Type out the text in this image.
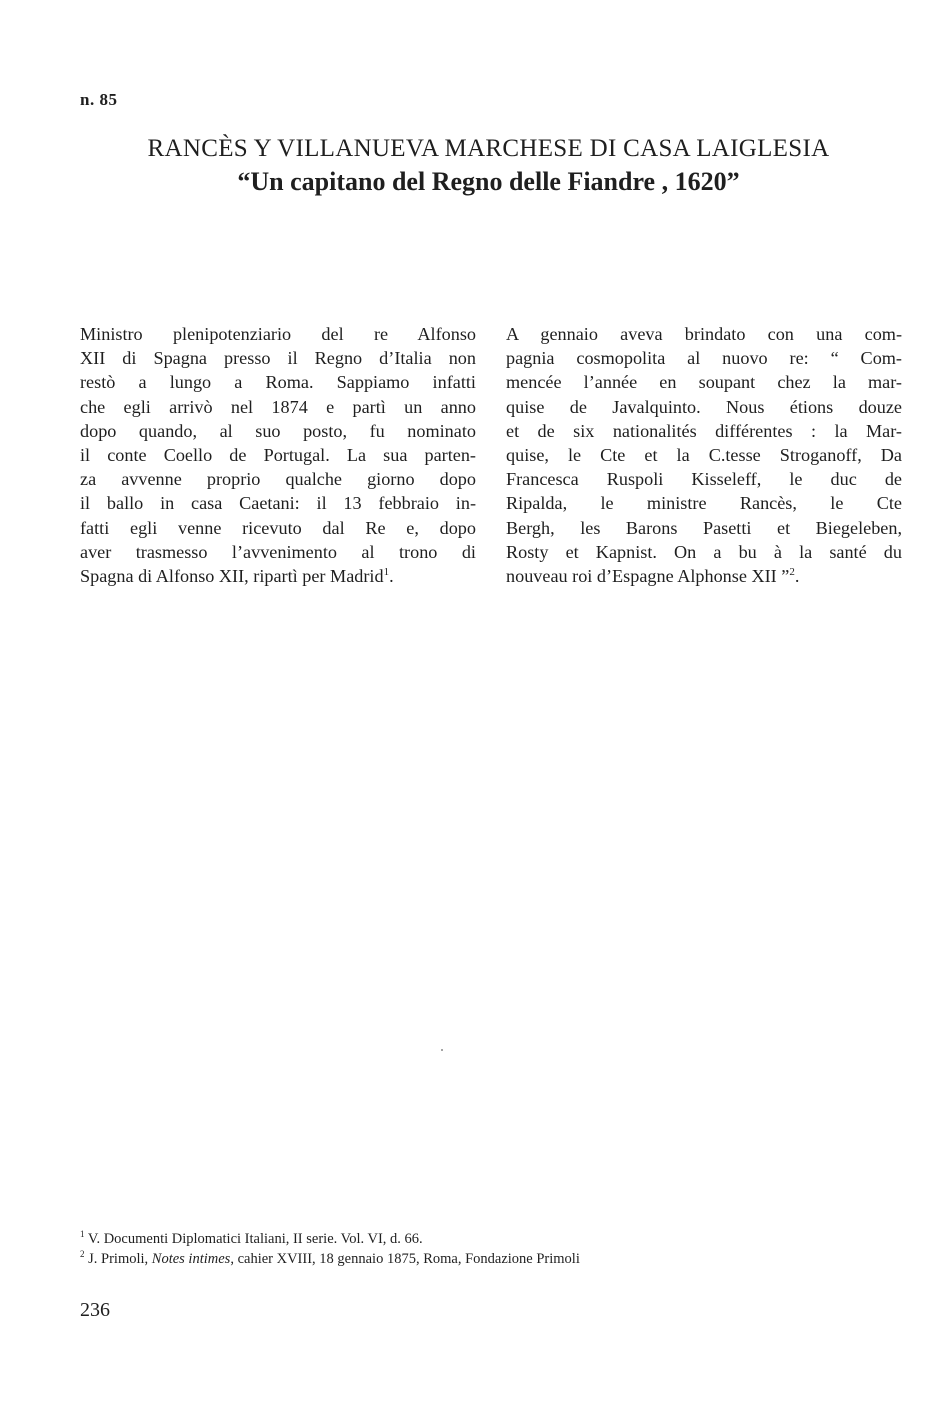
n. 85
RANCÈS Y VILLANUEVA MARCHESE DI CASA LAIGLESIA
“Un capitano del Regno delle Fiandre , 1620”
Ministro plenipotenziario del re Alfonso
XII di Spagna presso il Regno d’Italia non
restò a lungo a Roma. Sappiamo infatti
che egli arrivò nel 1874 e partì un anno
dopo quando, al suo posto, fu nominato
il conte Coello de Portugal. La sua parten-
za avvenne proprio qualche giorno dopo
il ballo in casa Caetani: il 13 febbraio in-
fatti egli venne ricevuto dal Re e, dopo
aver trasmesso l’avvenimento al trono di
Spagna di Alfonso XII, ripartì per Madrid$^1$.
A gennaio aveva brindato con una com-
pagnia cosmopolita al nuovo re: “ Com-
mencée l’année en soupant chez la mar-
quise de Javalquinto. Nous étions douze
et de six nationalités différentes : la Mar-
quise, le Cte et la C.tesse Stroganoff, Da
Francesca Ruspoli Kisseleff, le duc de
Ripalda, le ministre Rancès, le Cte
Bergh, les Barons Pasetti et Biegeleben,
Rosty et Kapnist. On a bu à la santé du
nouveau roi d’Espagne Alphonse XII ”$^2$.
$^1$ V. Documenti Diplomatici Italiani, II serie. Vol. VI, d. 66.
$^2$ J. Primoli, Notes intimes, cahier XVIII, 18 gennaio 1875, Roma, Fondazione Primoli
236
